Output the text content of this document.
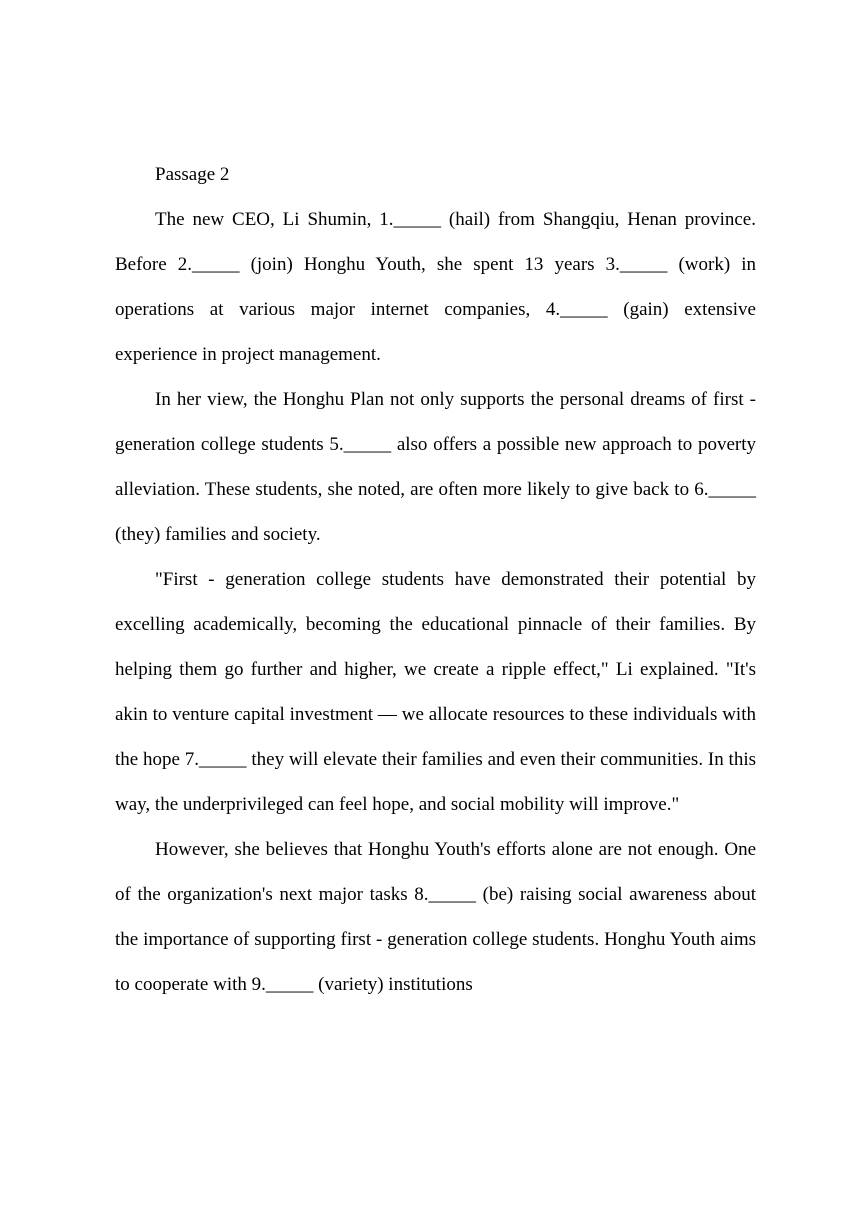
Passage 2

The new CEO, Li Shumin, 1._____ (hail) from Shangqiu, Henan province. Before 2._____ (join) Honghu Youth, she spent 13 years 3._____ (work) in operations at various major internet companies, 4._____ (gain) extensive experience in project management.

In her view, the Honghu Plan not only supports the personal dreams of first - generation college students 5._____ also offers a possible new approach to poverty alleviation. These students, she noted, are often more likely to give back to 6._____ (they) families and society.

"First - generation college students have demonstrated their potential by excelling academically, becoming the educational pinnacle of their families. By helping them go further and higher, we create a ripple effect," Li explained. "It's akin to venture capital investment — we allocate resources to these individuals with the hope 7._____ they will elevate their families and even their communities. In this way, the underprivileged can feel hope, and social mobility will improve."

However, she believes that Honghu Youth's efforts alone are not enough. One of the organization's next major tasks 8._____ (be) raising social awareness about the importance of supporting first - generation college students. Honghu Youth aims to cooperate with 9._____ (variety) institutions
